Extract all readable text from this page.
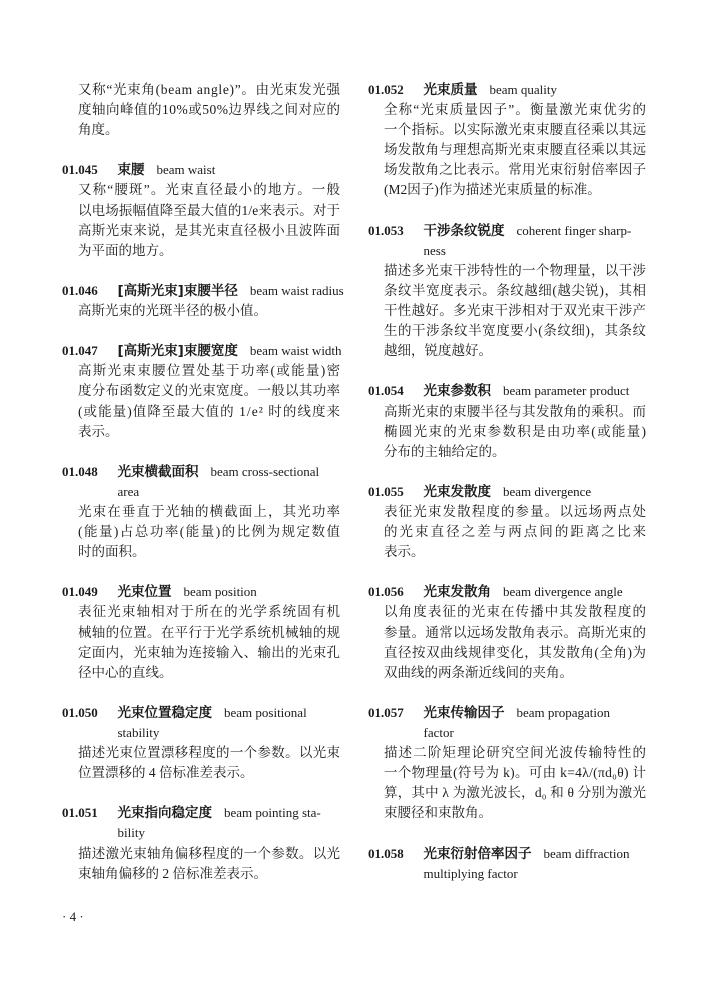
又称“光束角(beam angle)”。由光束发光强
度轴向峰值的10%或50%边界线之间对应的
角度。
01.045	束腰 beam waist
又称“腰斑”。光束直径最小的地方。一般
以电场振幅值降至最大值的1/e来表示。对于
高斯光束来说，是其光束直径极小且波阵面
为平面的地方。
01.046	[高斯光束]束腰半径 beam waist radius
高斯光束的光斑半径的极小值。
01.047	[高斯光束]束腰宽度 beam waist width
高斯光束束腰位置处基于功率(或能量)密
度分布函数定义的光束宽度。一般以其功率
(或能量)值降至最大值的 1/e² 时的线度来
表示。
01.048	光束横截面积 beam cross-sectional
area
光束在垂直于光轴的横截面上，其光功率
(能量)占总功率(能量)的比例为规定数值
时的面积。
01.049	光束位置 beam position
表征光束轴相对于所在的光学系统固有机
械轴的位置。在平行于光学系统机械轴的规
定面内，光束轴为连接输入、输出的光束孔
径中心的直线。
01.050	光束位置稳定度 beam positional
stability
描述光束位置漂移程度的一个参数。以光束
位置漂移的 4 倍标准差表示。
01.051	光束指向稳定度 beam pointing sta-
bility
描述激光束轴角偏移程度的一个参数。以光
束轴角偏移的 2 倍标准差表示。
01.052	光束质量 beam quality
全称“光束质量因子”。衡量激光束优劣的
一个指标。以实际激光束束腰直径乘以其远
场发散角与理想高斯光束束腰直径乘以其远
场发散角之比表示。常用光束衍射倍率因子
(M2因子)作为描述光束质量的标准。
01.053	干涉条纹锐度 coherent finger sharp-
ness
描述多光束干涉特性的一个物理量，以干涉
条纹半宽度表示。条纹越细(越尖锐)，其相
干性越好。多光束干涉相对于双光束干涉产
生的干涉条纹半宽度要小(条纹细)，其条纹
越细，锐度越好。
01.054	光束参数积 beam parameter product
高斯光束的束腰半径与其发散角的乘积。而
椭圆光束的光束参数积是由功率(或能量)
分布的主轴给定的。
01.055	光束发散度 beam divergence
表征光束发散程度的参量。以远场两点处
的光束直径之差与两点间的距离之比来
表示。
01.056	光束发散角 beam divergence angle
以角度表征的光束在传播中其发散程度的
参量。通常以远场发散角表示。高斯光束的
直径按双曲线规律变化，其发散角(全角)为
双曲线的两条渐近线间的夹角。
01.057	光束传输因子 beam propagation
factor
描述二阶矩理论研究空间光波传输特性的
一个物理量(符号为 k)。可由 k=4λ/(πd₀θ) 计
算，其中 λ 为激光波长，d₀ 和 θ 分别为激光
束腰径和束散角。
01.058	光束衍射倍率因子 beam diffraction
multiplying factor
· 4 ·
